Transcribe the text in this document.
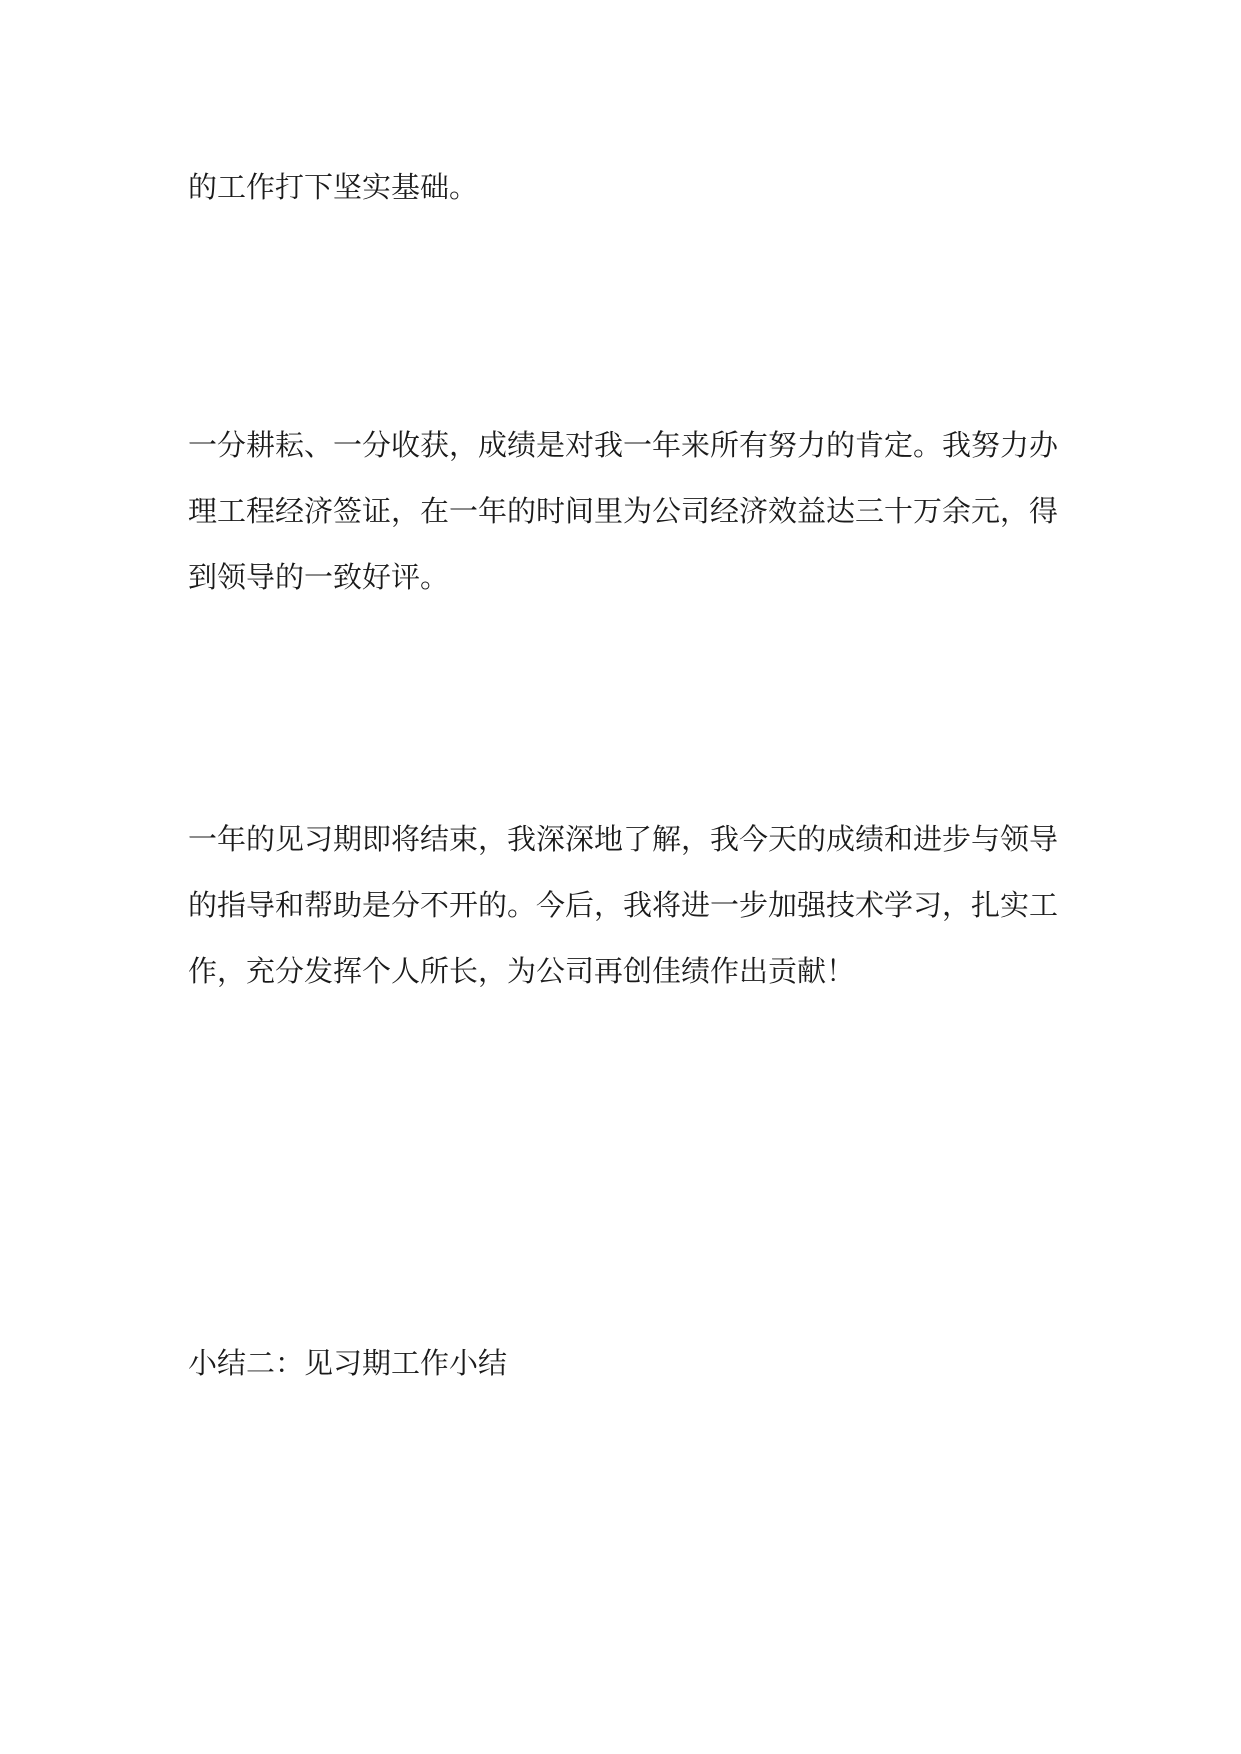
的工作打下坚实基础。

一分耕耘、一分收获，成绩是对我一年来所有努力的肯定。我努力办理工程经济签证，在一年的时间里为公司经济效益达三十万余元，得到领导的一致好评。

一年的见习期即将结束，我深深地了解，我今天的成绩和进步与领导的指导和帮助是分不开的。今后，我将进一步加强技术学习，扎实工作，充分发挥个人所长，为公司再创佳绩作出贡献！

小结二：见习期工作小结
